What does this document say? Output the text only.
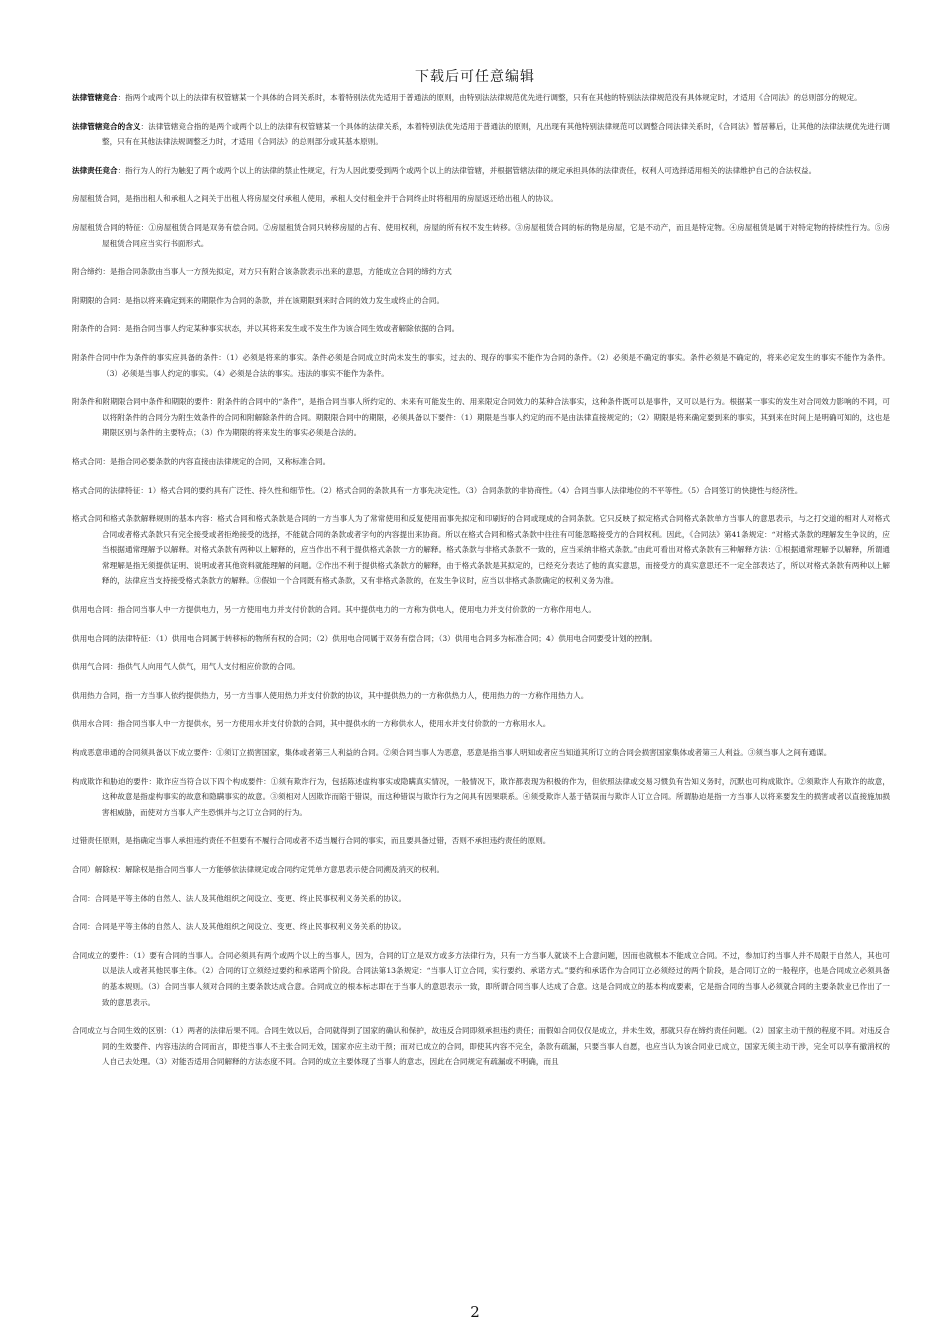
下载后可任意编辑

法律管辖竞合：指两个或两个以上的法律有权管辖某一个具体的合同关系时，本着特别法优先适用于普通法的原则，由特别法法律规范优先进行调整，只有在其他的特别法法律规范没有具体规定时，才适用《合同法》的总则部分的规定。

法律管辖竞合的含义：法律管辖竞合指的是两个或两个以上的法律有权管辖某一个具体的法律关系，本着特别法优先适用于普通法的原则，凡出现有其他特别法律规范可以调整合同法律关系时，《合同法》暂居幕后，让其他的法律法规优先进行调整，只有在其他法律法规调整乏力时，才适用《合同法》的总则部分或其基本原则。

法律责任竞合：指行为人的行为触犯了两个或两个以上的法律的禁止性规定，行为人因此要受到两个或两个以上的法律管辖，并根据管辖法律的规定承担具体的法律责任，权利人可选择适用相关的法律维护自己的合法权益。

房屋租赁合同，是指出租人和承租人之间关于出租人将房屋交付承租人使用，承租人交付租金并于合同终止时将租用的房屋返还给出租人的协议。

房屋租赁合同的特征：①房屋租赁合同是双务有偿合同。②房屋租赁合同只转移房屋的占有、使用权利，房屋的所有权不发生转移。③房屋租赁合同的标的物是房屋，它是不动产，而且是特定物。④房屋租赁是属于对特定物的持续性行为。⑤房屋租赁合同应当实行书面形式。

附合缔约：是指合同条款由当事人一方预先拟定，对方只有附合该条款表示出来的意思，方能成立合同的缔约方式

附期限的合同：是指以将来确定到来的期限作为合同的条款，并在该期限到来时合同的效力发生或终止的合同。

附条件的合同：是指合同当事人约定某种事实状态，并以其将来发生或不发生作为该合同生效或者解除依据的合同。

附条件合同中作为条件的事实应具备的条件：（1）必须是将来的事实。条件必须是合同成立时尚未发生的事实，过去的、现存的事实不能作为合同的条件。（2）必须是不确定的事实。条件必须是不确定的，将来必定发生的事实不能作为条件。（3）必须是当事人约定的事实。（4）必须是合法的事实。违法的事实不能作为条件。

附条件和附期限合同中条件和期限的要件：附条件的合同中的“条件”，是指合同当事人所约定的、未来有可能发生的、用来限定合同效力的某种合法事实，这种条件既可以是事件，又可以是行为。根据某一事实的发生对合同效力影响的不同，可以将附条件的合同分为附生效条件的合同和附解除条件的合同。期限限合同中的期限，必须具备以下要件：（1）期限是当事人约定的而不是由法律直接规定的；（2）期限是将来确定要到来的事实，其到来在时间上是明确可知的，这也是期限区别与条件的主要特点；（3）作为期限的将来发生的事实必须是合法的。

格式合同：是指合同必要条款的内容直接由法律规定的合同，又称标准合同。

格式合同的法律特征：1）格式合同的要约具有广泛性、持久性和细节性。（2）格式合同的条款具有一方事先决定性。（3）合同条款的非协商性。（4）合同当事人法律地位的不平等性。（5）合同签订的快捷性与经济性。

格式合同和格式条款解释规则的基本内容：格式合同和格式条款是合同的一方当事人为了常常使用和反复使用而事先拟定和印刷好的合同或现成的合同条款。它只反映了拟定格式合同格式条款单方当事人的意思表示，与之打交道的相对人对格式合同或者格式条款只有完全接受或者拒绝接受的选择，不能就合同的条款或者字句的内容提出来协商。所以在格式合同和格式条款中往往有可能忽略接受方的合同权利。因此，《合同法》第41条规定：“对格式条款的理解发生争议的，应当根据通常理解予以解释。对格式条款有两种以上解释的，应当作出不利于提供格式条款一方的解释。格式条款与非格式条款不一致的，应当采纳非格式条款。”由此可看出对格式条款有三种解释方法：①根据通常理解予以解释，所谓通常理解是指无须提供证明、说明或者其他资料就能理解的问题。②作出不利于提供格式条款方的解释，由于格式条款是其拟定的，已经充分表达了他的真实意思，而接受方的真实意思还不一定全部表达了，所以对格式条款有两种以上解释的，法律应当支持接受格式条款方的解释。③假如一个合同既有格式条款，又有非格式条款的，在发生争议时，应当以非格式条款确定的权利义务为准。

供用电合同：指合同当事人中一方提供电力，另一方使用电力并支付价款的合同。其中提供电力的一方称为供电人，使用电力并支付价款的一方称作用电人。

供用电合同的法律特征：（1）供用电合同属于转移标的物所有权的合同；（2）供用电合同属于双务有偿合同；（3）供用电合同多为标准合同；4）供用电合同要受计划的控制。

供用气合同：指供气人向用气人供气，用气人支付相应价款的合同。

供用热力合同，指一方当事人依约提供热力，另一方当事人使用热力并支付价款的协议，其中提供热力的一方称供热力人，使用热力的一方称作用热力人。

供用水合同：指合同当事人中一方提供水，另一方使用水并支付价款的合同，其中提供水的一方称供水人，使用水并支付价款的一方称用水人。

构成恶意串通的合同须具备以下成立要件：①须订立损害国家，集体或者第三人利益的合同。②须合同当事人为恶意，恶意是指当事人明知或者应当知道其所订立的合同会损害国家集体或者第三人利益。③须当事人之间有通谋。

构成欺诈和胁迫的要件：欺诈应当符合以下四个构成要件：①须有欺诈行为，包括陈述虚构事实或隐瞒真实情况，一般情况下，欺诈都表现为积极的作为，但依照法律或交易习惯负有告知义务时，沉默也可构成欺诈。②须欺诈人有欺诈的故意，这种故意是指虚构事实的故意和隐瞒事实的故意。③须相对人因欺诈而陷于错误，而这种错误与欺诈行为之间具有因果联系。④须受欺诈人基于错误而与欺诈人订立合同。所谓胁迫是指一方当事人以将来要发生的损害或者以直接施加损害相威胁，而使对方当事人产生恐惧并与之订立合同的行为。

过错责任原则，是指确定当事人承担违约责任不但要有不履行合同或者不适当履行合同的事实，而且要具备过错，否则不承担违约责任的原则。

合同）解除权：解除权是指合同当事人一方能够依法律规定或合同约定凭单方意思表示使合同溯及消灭的权利。

合同：合同是平等主体的自然人、法人及其他组织之间设立、变更、终止民事权利义务关系的协议。

合同：合同是平等主体的自然人、法人及其他组织之间设立、变更、终止民事权利义务关系的协议。

合同成立的要件：（1）要有合同的当事人。合同必须具有两个或两个以上的当事人，因为，合同的订立是双方或多方法律行为，只有一方当事人就谈不上合意问题，因而也就根本不能成立合同。不过，参加订约当事人并不局限于自然人，其也可以是法人或者其他民事主体。（2）合同的订立须经过要约和承诺两个阶段。合同法第13条规定：“当事人订立合同，实行要约、承诺方式。”要约和承诺作为合同订立必须经过的两个阶段，是合同订立的一般程序，也是合同成立必须具备的基本规则。（3）合同当事人须对合同的主要条款达成合意。合同成立的根本标志即在于当事人的意思表示一致，即所谓合同当事人达成了合意。这是合同成立的基本构成要素，它是指合同的当事人必须就合同的主要条款业已作出了一致的意思表示。

合同成立与合同生效的区别：（1）两者的法律后果不同。合同生效以后，合同就得到了国家的确认和保护，故违反合同即须承担违约责任；而假如合同仅仅是成立，并未生效，那就只存在缔约责任问题。（2）国家主动干预的程度不同。对违反合同的生效要件、内容违法的合同而言，即使当事人不主张合同无效，国家亦应主动干预；而对已成立的合同，即使其内容不完全，条款有疏漏，只要当事人自愿，也应当认为该合同业已成立，国家无须主动干涉，完全可以享有撤消权的人自己去处理。（3）对能否适用合同解释的方法态度不同。合同的成立主要体现了当事人的意志，因此在合同规定有疏漏或不明确，而且

2
